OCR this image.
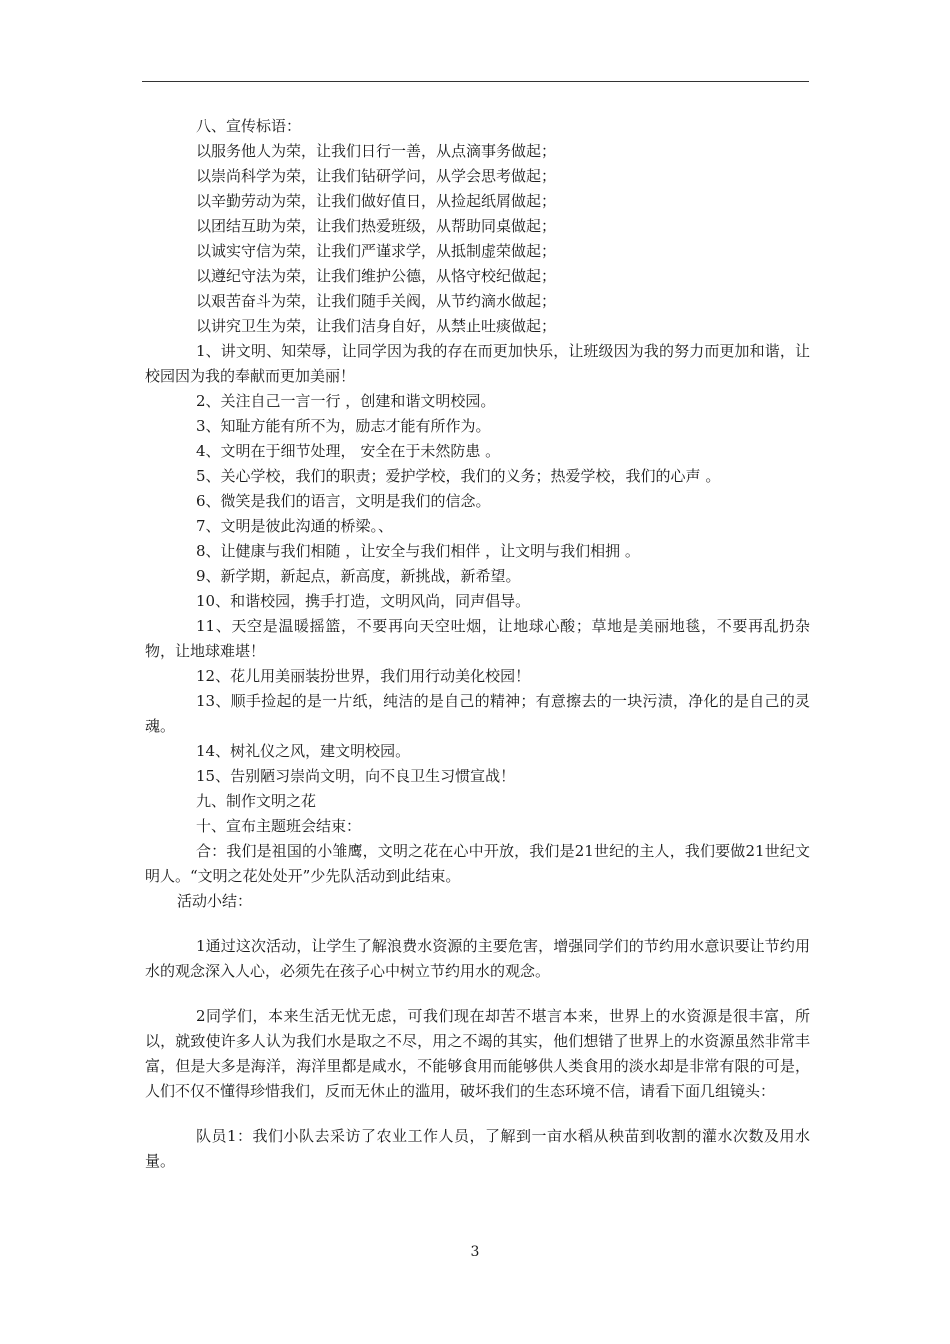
八、宣传标语：

以服务他人为荣，让我们日行一善，从点滴事务做起；

以崇尚科学为荣，让我们钻研学问，从学会思考做起；

以辛勤劳动为荣，让我们做好值日，从捡起纸屑做起；

以团结互助为荣，让我们热爱班级，从帮助同桌做起；

以诚实守信为荣，让我们严谨求学，从抵制虚荣做起；

以遵纪守法为荣，让我们维护公德，从恪守校纪做起；

以艰苦奋斗为荣，让我们随手关阀，从节约滴水做起；

以讲究卫生为荣，让我们洁身自好，从禁止吐痰做起；

1、讲文明、知荣辱，让同学因为我的存在而更加快乐，让班级因为我的努力而更加和谐，让校园因为我的奉献而更加美丽！

2、关注自己一言一行 ，创建和谐文明校园。

3、知耻方能有所不为，励志才能有所作为。

4、文明在于细节处理， 安全在于未然防患 。

5、关心学校，我们的职责；爱护学校，我们的义务；热爱学校，我们的心声 。

6、微笑是我们的语言，文明是我们的信念。

7、文明是彼此沟通的桥梁。、

8、让健康与我们相随 ，让安全与我们相伴 ，让文明与我们相拥 。

9、新学期，新起点，新高度，新挑战，新希望。

10、和谐校园，携手打造，文明风尚，同声倡导。

11、天空是温暖摇篮，不要再向天空吐烟，让地球心酸；草地是美丽地毯，不要再乱扔杂物，让地球难堪！

12、花儿用美丽装扮世界，我们用行动美化校园！

13、顺手捡起的是一片纸，纯洁的是自己的精神；有意擦去的一块污渍，净化的是自己的灵魂。

14、树礼仪之风，建文明校园。

15、告别陋习崇尚文明，向不良卫生习惯宣战！

九、制作文明之花

十、宣布主题班会结束：

合：我们是祖国的小雏鹰，文明之花在心中开放，我们是21世纪的主人，我们要做21世纪文明人。“文明之花处处开”少先队活动到此结束。

活动小结：

1通过这次活动，让学生了解浪费水资源的主要危害，增强同学们的节约用水意识要让节约用水的观念深入人心，必须先在孩子心中树立节约用水的观念。

2同学们，本来生活无忧无虑，可我们现在却苦不堪言本来，世界上的水资源是很丰富，所以，就致使许多人认为我们水是取之不尽，用之不竭的其实，他们想错了世界上的水资源虽然非常丰富，但是大多是海洋，海洋里都是咸水，不能够食用而能够供人类食用的淡水却是非常有限的可是，人们不仅不懂得珍惜我们，反而无休止的滥用，破坏我们的生态环境不信，请看下面几组镜头：

队员1：我们小队去采访了农业工作人员，了解到一亩水稻从秧苗到收割的灌水次数及用水量。

3
